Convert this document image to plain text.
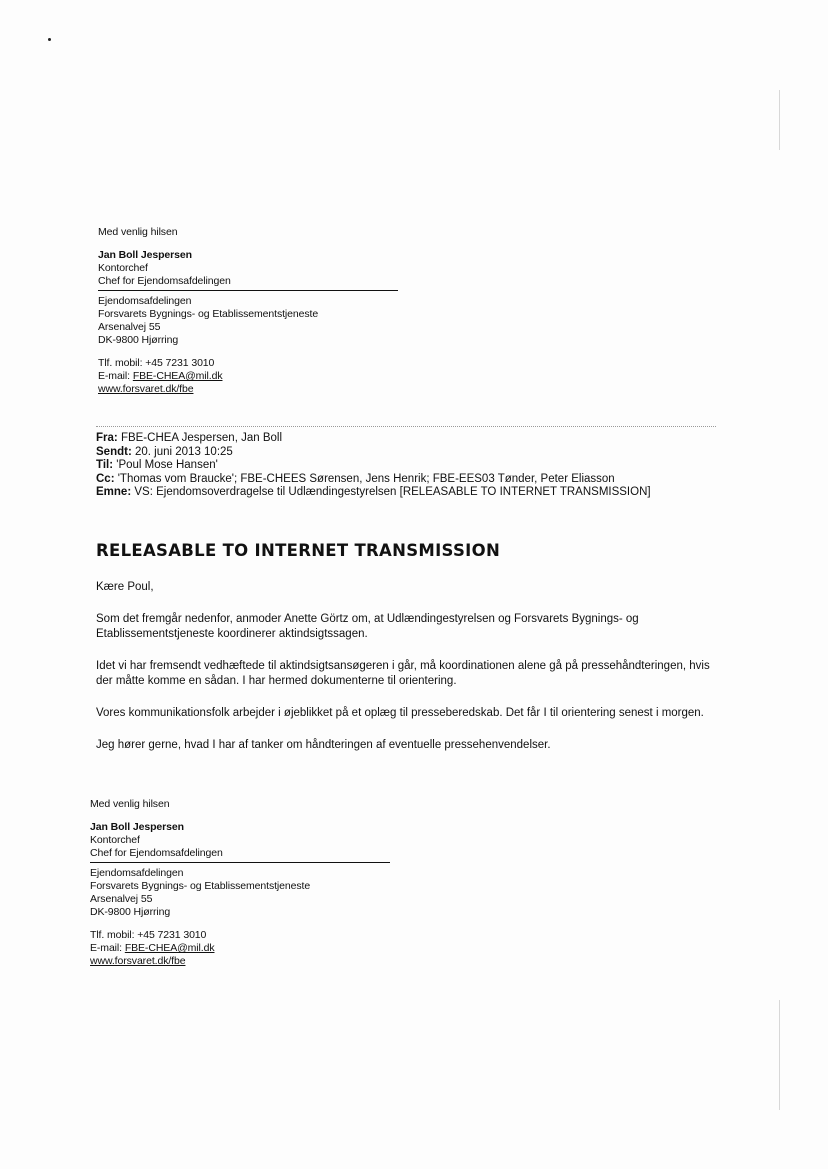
Med venlig hilsen
Jan Boll Jespersen
Kontorchef
Chef for Ejendomsafdelingen
Ejendomsafdelingen
Forsvarets Bygnings- og Etablissementstjeneste
Arsenalvej 55
DK-9800 Hjørring
Tlf. mobil: +45 7231 3010
E-mail: FBE-CHEA@mil.dk
www.forsvaret.dk/fbe
Fra: FBE-CHEA Jespersen, Jan Boll
Sendt: 20. juni 2013 10:25
Til: 'Poul Mose Hansen'
Cc: 'Thomas vom Braucke'; FBE-CHEES Sørensen, Jens Henrik; FBE-EES03 Tønder, Peter Eliasson
Emne: VS: Ejendomsoverdragelse til Udlændingestyrelsen [RELEASABLE TO INTERNET TRANSMISSION]
RELEASABLE TO INTERNET TRANSMISSION

Kære Poul,

Som det fremgår nedenfor, anmoder Anette Görtz om, at Udlændingestyrelsen og Forsvarets Bygnings- og Etablissementstjeneste koordinerer aktindsigtssagen.

Idet vi har fremsendt vedhæftede til aktindsigtsansøgeren i går, må koordinationen alene gå på pressehåndteringen, hvis der måtte komme en sådan. I har hermed dokumenterne til orientering.

Vores kommunikationsfolk arbejder i øjeblikket på et oplæg til presseberedskab. Det får I til orientering senest i morgen.

Jeg hører gerne, hvad I har af tanker om håndteringen af eventuelle pressehenvendelser.

Med venlig hilsen
Jan Boll Jespersen
Kontorchef
Chef for Ejendomsafdelingen
Ejendomsafdelingen
Forsvarets Bygnings- og Etablissementstjeneste
Arsenalvej 55
DK-9800 Hjørring
Tlf. mobil: +45 7231 3010
E-mail: FBE-CHEA@mil.dk
www.forsvaret.dk/fbe
